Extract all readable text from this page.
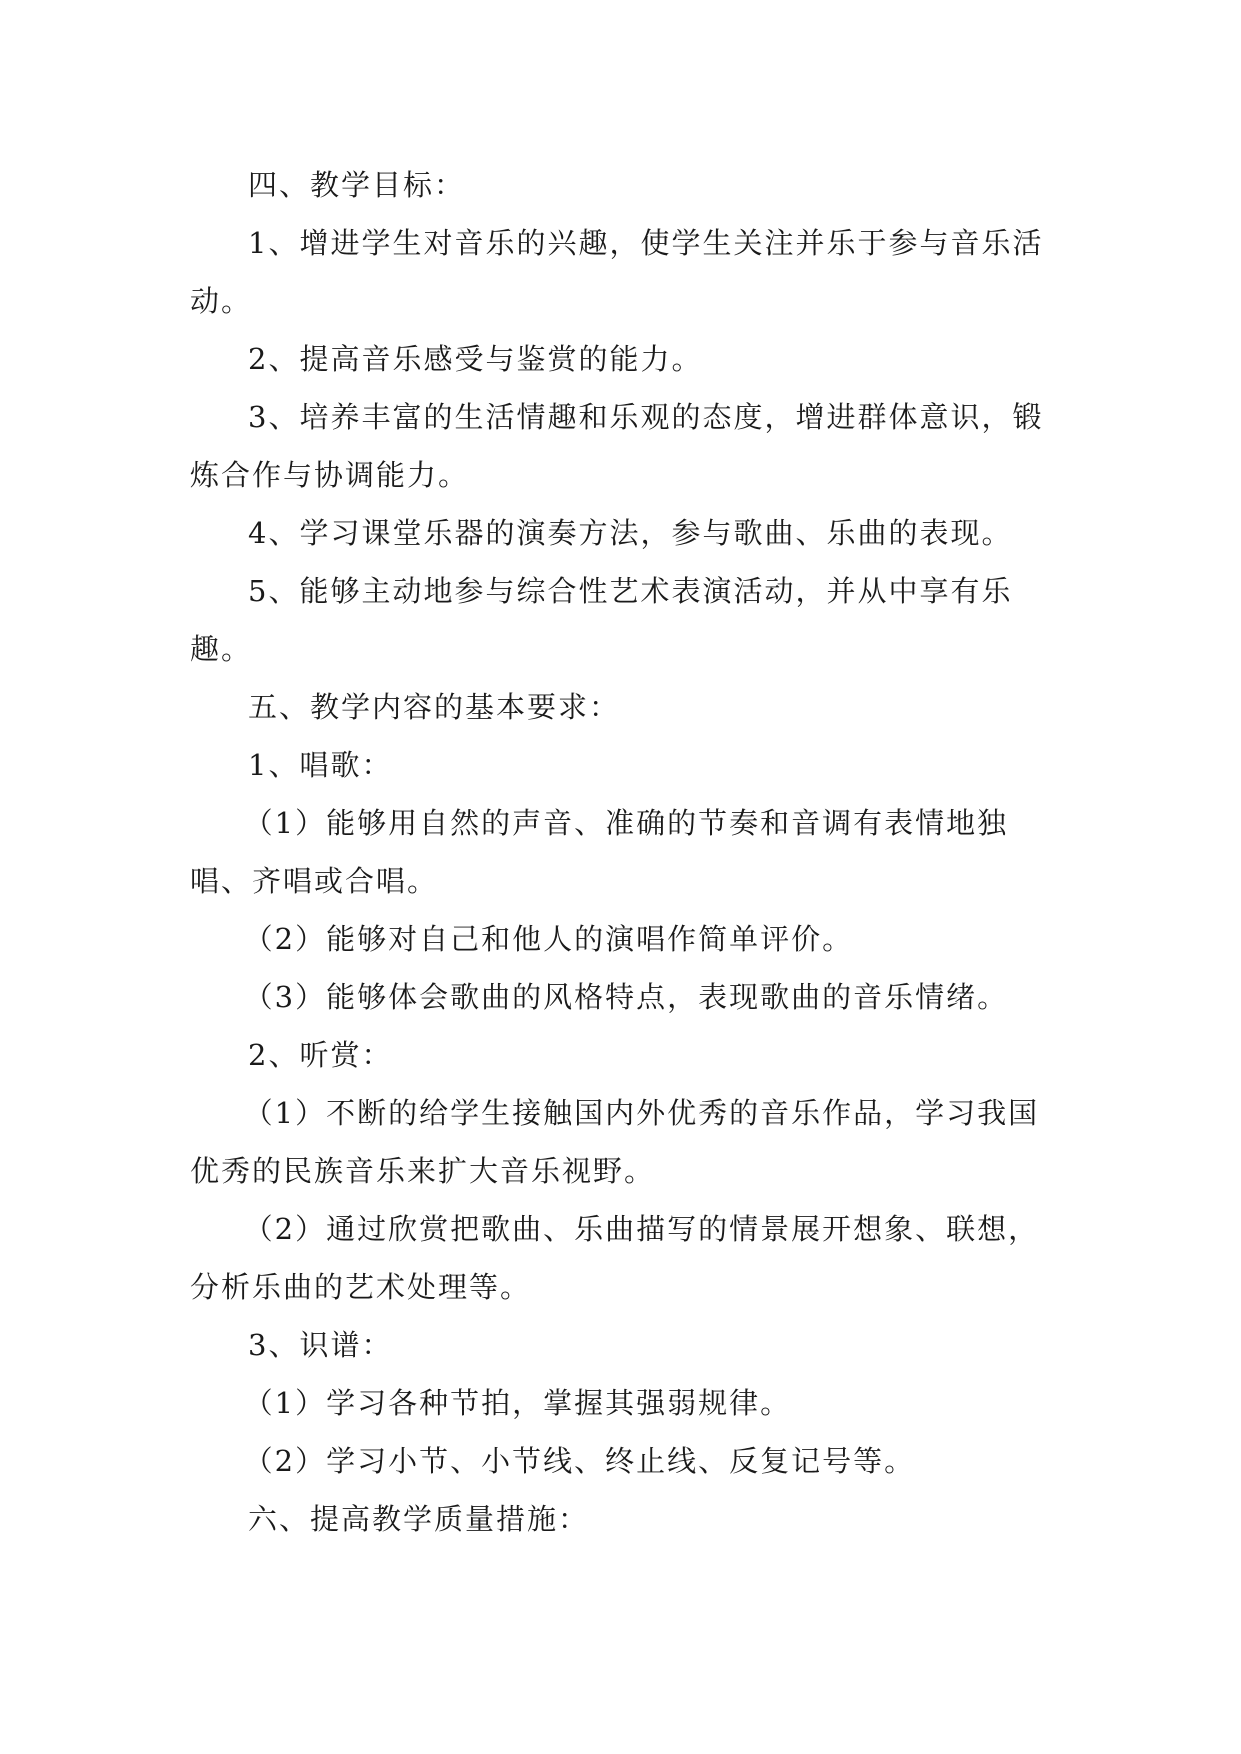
四、教学目标：

1、增进学生对音乐的兴趣，使学生关注并乐于参与音乐活动。

2、提高音乐感受与鉴赏的能力。

3、培养丰富的生活情趣和乐观的态度，增进群体意识，锻炼合作与协调能力。

4、学习课堂乐器的演奏方法，参与歌曲、乐曲的表现。

5、能够主动地参与综合性艺术表演活动，并从中享有乐趣。

五、教学内容的基本要求：

1、唱歌：

（1）能够用自然的声音、准确的节奏和音调有表情地独唱、齐唱或合唱。

（2）能够对自己和他人的演唱作简单评价。

（3）能够体会歌曲的风格特点，表现歌曲的音乐情绪。

2、听赏：

（1）不断的给学生接触国内外优秀的音乐作品，学习我国优秀的民族音乐来扩大音乐视野。

（2）通过欣赏把歌曲、乐曲描写的情景展开想象、联想，分析乐曲的艺术处理等。

3、识谱：

（1）学习各种节拍，掌握其强弱规律。

（2）学习小节、小节线、终止线、反复记号等。

六、提高教学质量措施：
